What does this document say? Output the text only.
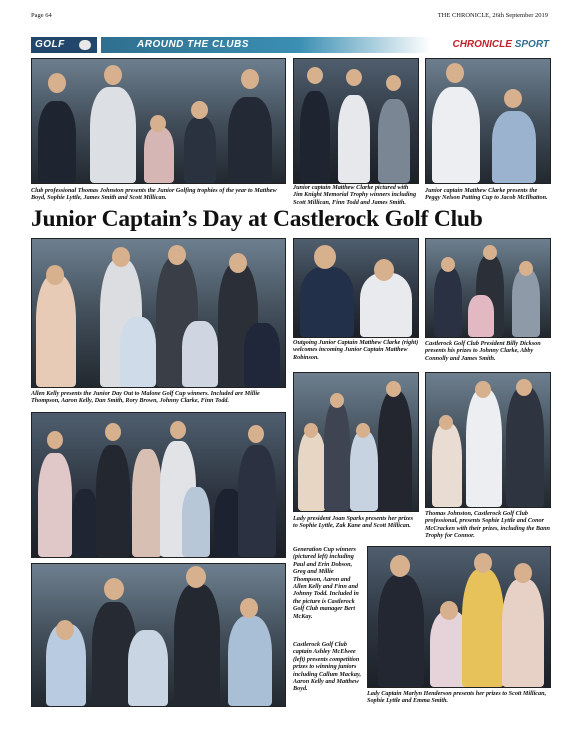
Page 64	THE CHRONICLE, 26th September 2019
GOLF	AROUND THE CLUBS	CHRONICLE SPORT
Club professional Thomas Johnston presents the Junior Golfing trophies of the year to Matthew Boyd, Sophie Lyttle, James Smith and Scott Millican.
Junior captain Matthew Clarke pictured with Jim Knight Memorial Trophy winners including Scott Millican, Finn Todd and James Smith.
Junior captain Matthew Clarke presents the Peggy Nelson Putting Cup to Jacob McIlhatton.
Junior Captain’s Day at Castlerock Golf Club
Allen Kelly presents the Junior Day Out to Malone Golf Cup winners. Included are Millie Thompson, Aaron Kelly, Dan Smith, Rory Brown, Johnny Clarke, Finn Todd.
Outgoing Junior Captain Matthew Clarke (right) welcomes incoming Junior Captain Matthew Robinson.
Castlerock Golf Club President Billy Dickson presents his prizes to Johnny Clarke, Abby Connolly and James Smith.
Lady president Joan Sparks presents her prizes to Sophie Lyttle, Zak Kane and Scott Millican.
Thomas Johnston, Castlerock Golf Club professional, presents Sophie Lyttle and Conor McCracken with their prizes, including the Bann Trophy for Connor.
Generation Cup winners (pictured left) including Paul and Erin Dobson, Greg and Millie Thompson, Aaron and Allen Kelly and Finn and Johnny Todd. Included in the picture is Castlerock Golf Club manager Bert McKay.
Castlerock Golf Club captain Ashley McElwee (left) presents competition prizes to winning juniors including Callum Mackay, Aaron Kelly and Matthew Boyd.
Lady Captain Marlyn Henderson presents her prizes to Scott Millican, Sophie Lyttle and Emma Smith.
